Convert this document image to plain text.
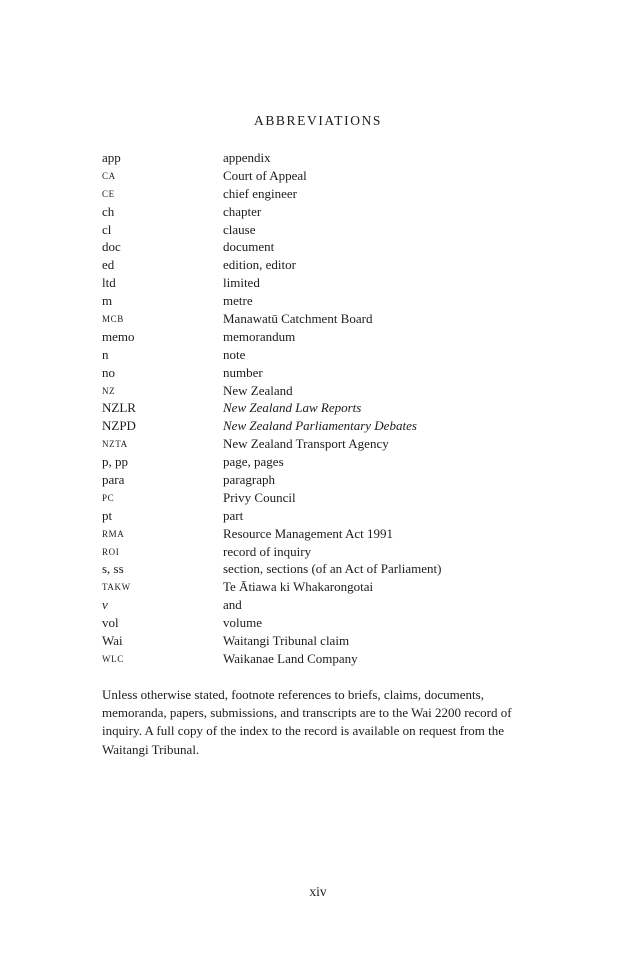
ABBREVIATIONS
app	appendix
ca	Court of Appeal
ce	chief engineer
ch	chapter
cl	clause
doc	document
ed	edition, editor
ltd	limited
m	metre
mcb	Manawatū Catchment Board
memo	memorandum
n	note
no	number
nz	New Zealand
NZLR	New Zealand Law Reports
NZPD	New Zealand Parliamentary Debates
nzta	New Zealand Transport Agency
p, pp	page, pages
para	paragraph
pc	Privy Council
pt	part
rma	Resource Management Act 1991
roi	record of inquiry
s, ss	section, sections (of an Act of Parliament)
takw	Te Ātiawa ki Whakarongotai
v	and
vol	volume
Wai	Waitangi Tribunal claim
wlc	Waikanae Land Company

Unless otherwise stated, footnote references to briefs, claims, documents, memoranda, papers, submissions, and transcripts are to the Wai 2200 record of inquiry. A full copy of the index to the record is available on request from the Waitangi Tribunal.

xiv
